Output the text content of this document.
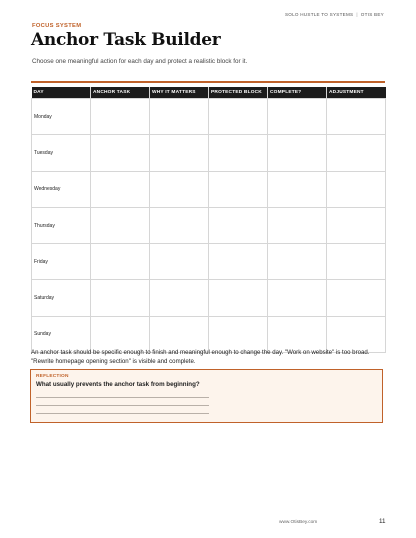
SOLO HUSTLE TO SYSTEMS | OTIS BEY
FOCUS SYSTEM
Anchor Task Builder
Choose one meaningful action for each day and protect a realistic block for it.
DAY	ANCHOR TASK	WHY IT MATTERS	PROTECTED BLOCK	COMPLETE?	ADJUSTMENT
Monday					
Tuesday					
Wednesday					
Thursday					
Friday					
Saturday					
Sunday					
An anchor task should be specific enough to finish and meaningful enough to change the day. "Work on website" is too broad. "Rewrite homepage opening section" is visible and complete.
REFLECTION
What usually prevents the anchor task from beginning?
www.OtisBey.com	11
